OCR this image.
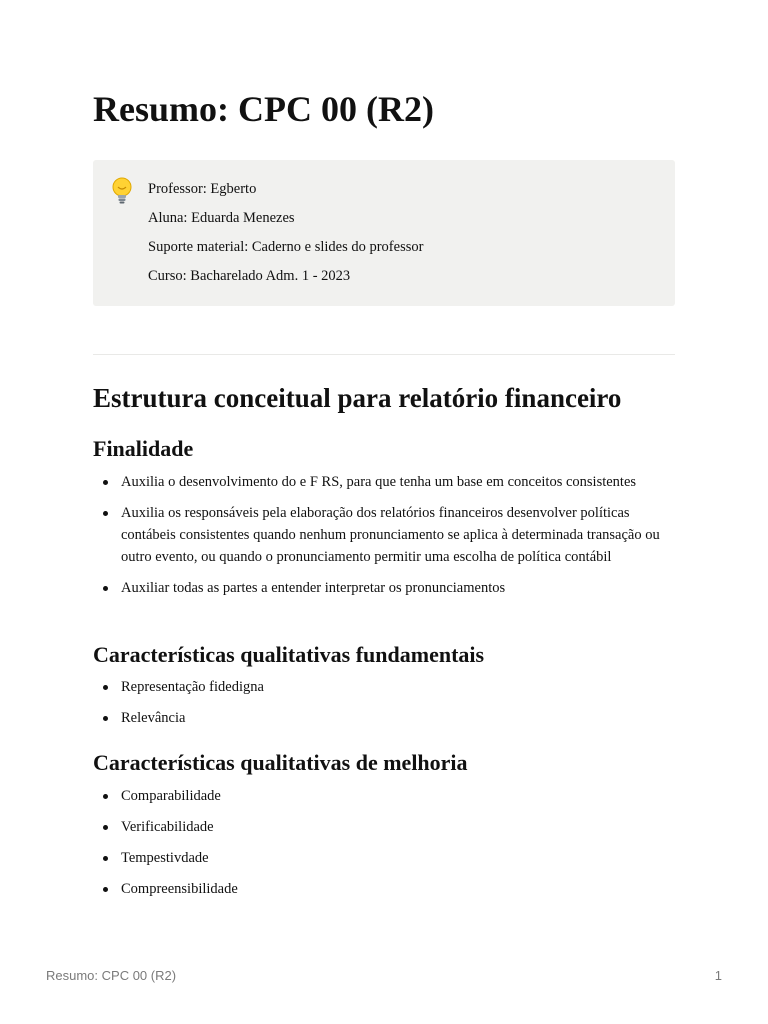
Resumo: CPC 00 (R2)
Professor: Egberto
Aluna: Eduarda Menezes
Suporte material: Caderno e slides do professor
Curso: Bacharelado Adm. 1 - 2023
Estrutura conceitual para relatório financeiro
Finalidade
Auxilia o desenvolvimento do e F RS, para que tenha um base em conceitos consistentes
Auxilia os responsáveis pela elaboração dos relatórios financeiros desenvolver políticas contábeis consistentes quando nenhum pronunciamento se aplica à determinada transação ou outro evento, ou quando o pronunciamento permitir uma escolha de política contábil
Auxiliar todas as partes a entender interpretar os pronunciamentos
Características qualitativas fundamentais
Representação fidedigna
Relevância
Características qualitativas de melhoria
Comparabilidade
Verificabilidade
Tempestivdade
Compreensibilidade
Resumo: CPC 00 (R2)	1
